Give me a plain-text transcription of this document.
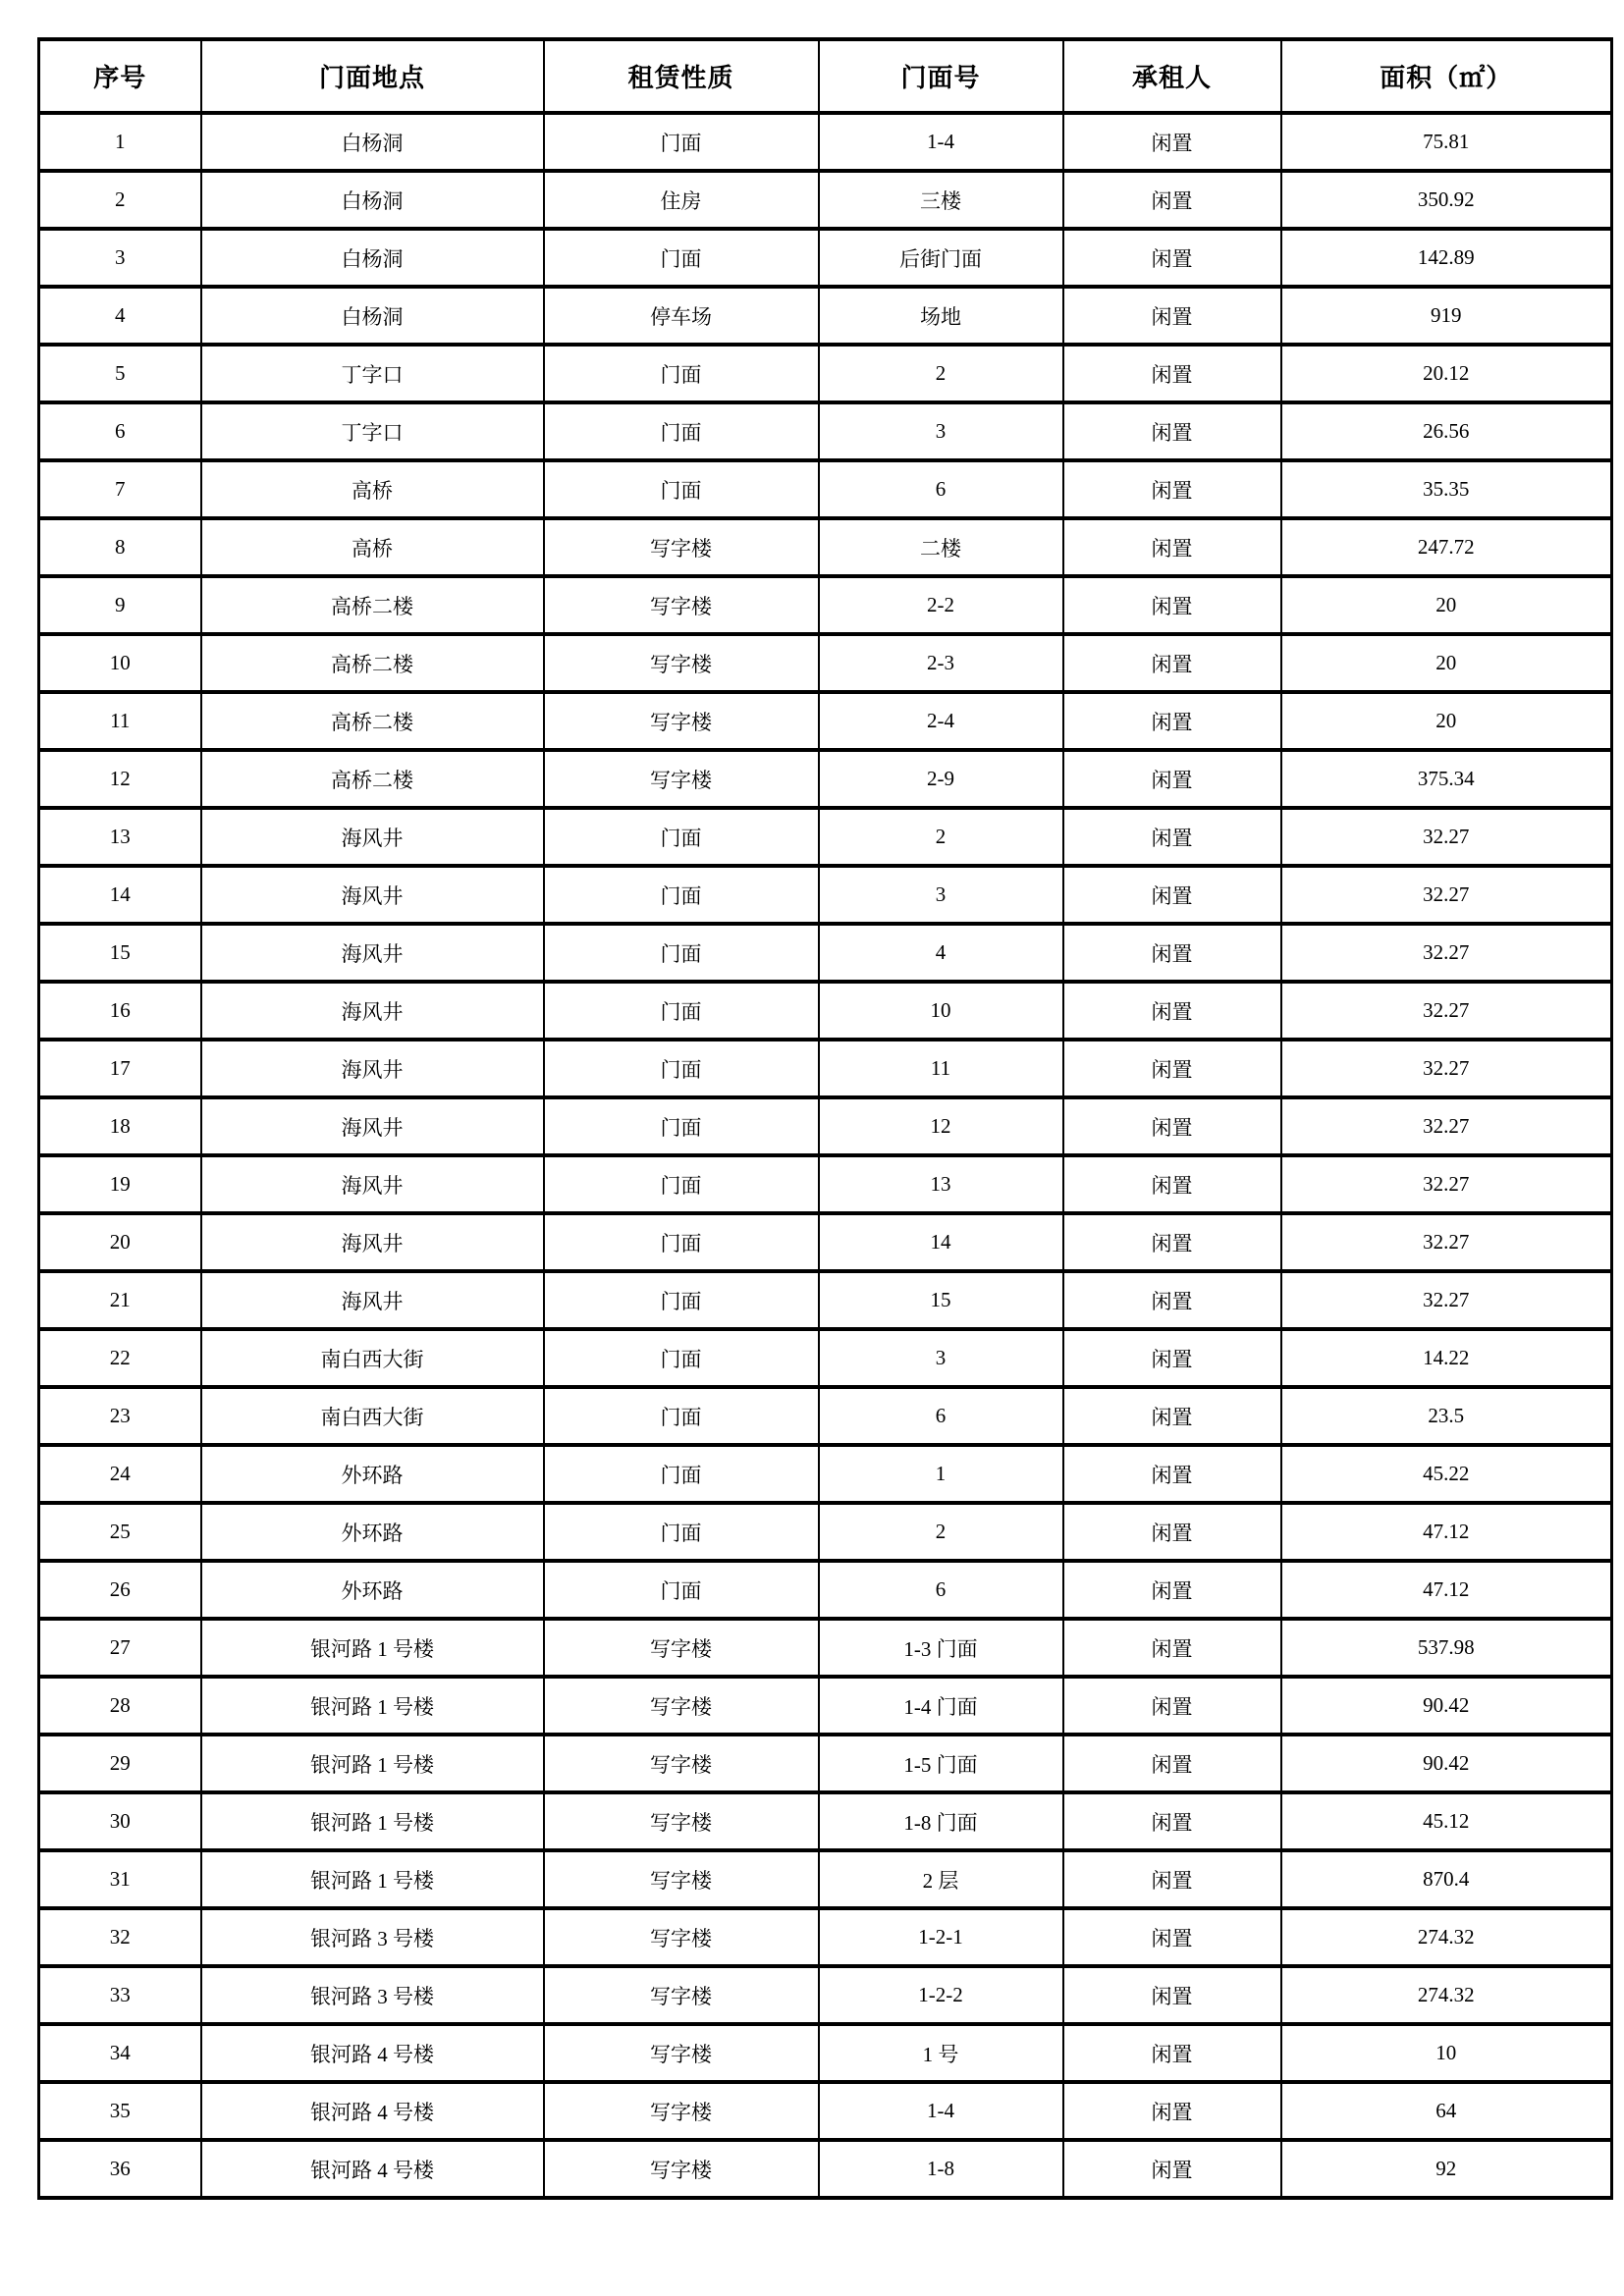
序号	门面地点	租赁性质	门面号	承租人	面积（㎡）
1	白杨洞	门面	1-4	闲置	75.81
2	白杨洞	住房	三楼	闲置	350.92
3	白杨洞	门面	后街门面	闲置	142.89
4	白杨洞	停车场	场地	闲置	919
5	丁字口	门面	2	闲置	20.12
6	丁字口	门面	3	闲置	26.56
7	高桥	门面	6	闲置	35.35
8	高桥	写字楼	二楼	闲置	247.72
9	高桥二楼	写字楼	2-2	闲置	20
10	高桥二楼	写字楼	2-3	闲置	20
11	高桥二楼	写字楼	2-4	闲置	20
12	高桥二楼	写字楼	2-9	闲置	375.34
13	海风井	门面	2	闲置	32.27
14	海风井	门面	3	闲置	32.27
15	海风井	门面	4	闲置	32.27
16	海风井	门面	10	闲置	32.27
17	海风井	门面	11	闲置	32.27
18	海风井	门面	12	闲置	32.27
19	海风井	门面	13	闲置	32.27
20	海风井	门面	14	闲置	32.27
21	海风井	门面	15	闲置	32.27
22	南白西大街	门面	3	闲置	14.22
23	南白西大街	门面	6	闲置	23.5
24	外环路	门面	1	闲置	45.22
25	外环路	门面	2	闲置	47.12
26	外环路	门面	6	闲置	47.12
27	银河路 1 号楼	写字楼	1-3 门面	闲置	537.98
28	银河路 1 号楼	写字楼	1-4 门面	闲置	90.42
29	银河路 1 号楼	写字楼	1-5 门面	闲置	90.42
30	银河路 1 号楼	写字楼	1-8 门面	闲置	45.12
31	银河路 1 号楼	写字楼	2 层	闲置	870.4
32	银河路 3 号楼	写字楼	1-2-1	闲置	274.32
33	银河路 3 号楼	写字楼	1-2-2	闲置	274.32
34	银河路 4 号楼	写字楼	1 号	闲置	10
35	银河路 4 号楼	写字楼	1-4	闲置	64
36	银河路 4 号楼	写字楼	1-8	闲置	92
